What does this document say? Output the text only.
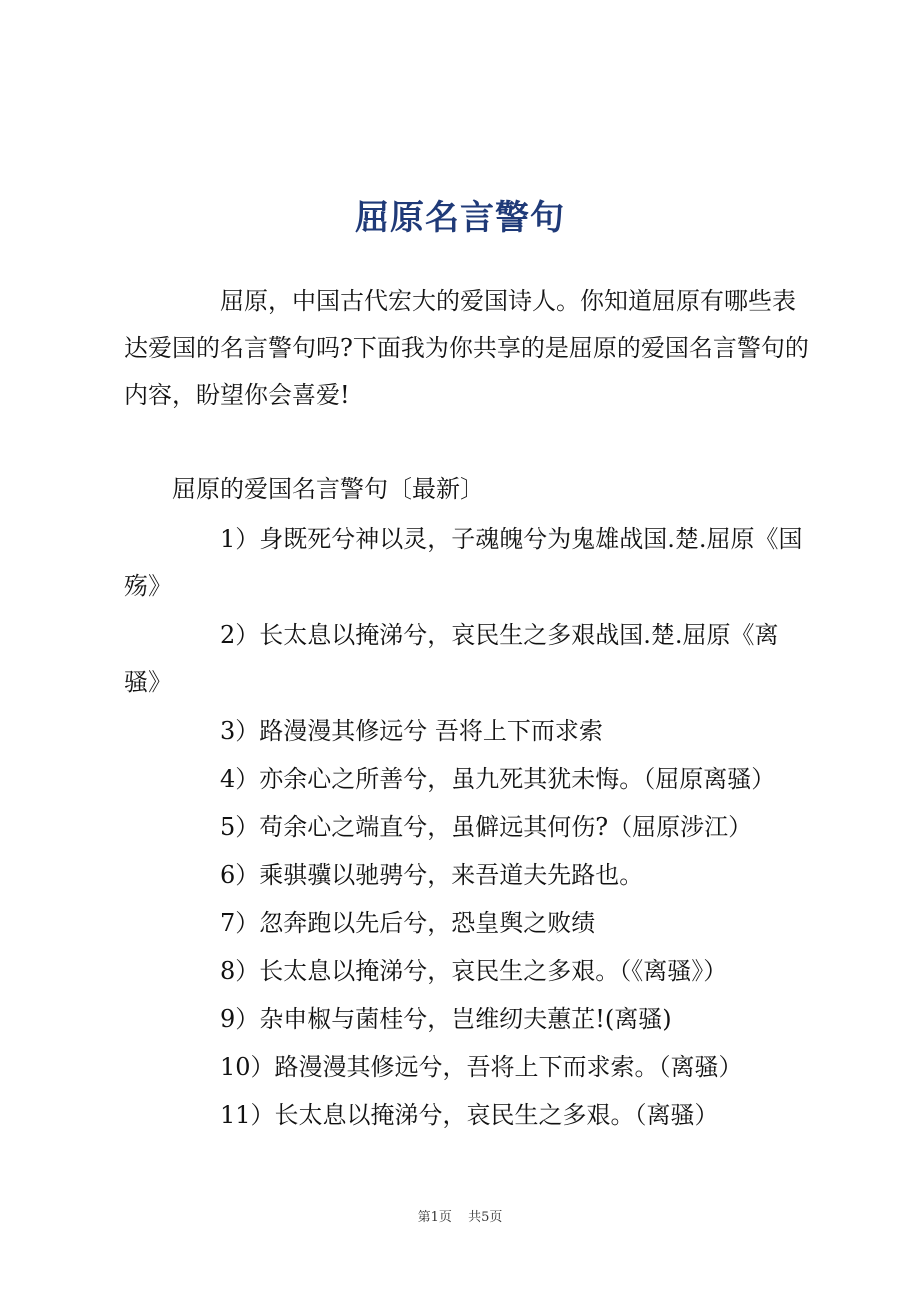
屈原名言警句

屈原，中国古代宏大的爱国诗人。你知道屈原有哪些表达爱国的名言警句吗?下面我为你共享的是屈原的爱国名言警句的内容，盼望你会喜爱!

屈原的爱国名言警句〔最新〕

1）身既死兮神以灵，子魂魄兮为鬼雄战国.楚.屈原《国殇》

2）长太息以掩涕兮，哀民生之多艰战国.楚.屈原《离骚》

3）路漫漫其修远兮 吾将上下而求索

4）亦余心之所善兮，虽九死其犹未悔。（屈原离骚）

5）苟余心之端直兮，虽僻远其何伤?（屈原涉江）

6）乘骐骥以驰骋兮，来吾道夫先路也。

7）忽奔跑以先后兮，恐皇舆之败绩

8）长太息以掩涕兮，哀民生之多艰。（《离骚》）

9）杂申椒与菌桂兮，岂维纫夫蕙芷!(离骚)

10）路漫漫其修远兮，吾将上下而求索。（离骚）

11）长太息以掩涕兮，哀民生之多艰。（离骚）

第1页 共5页
